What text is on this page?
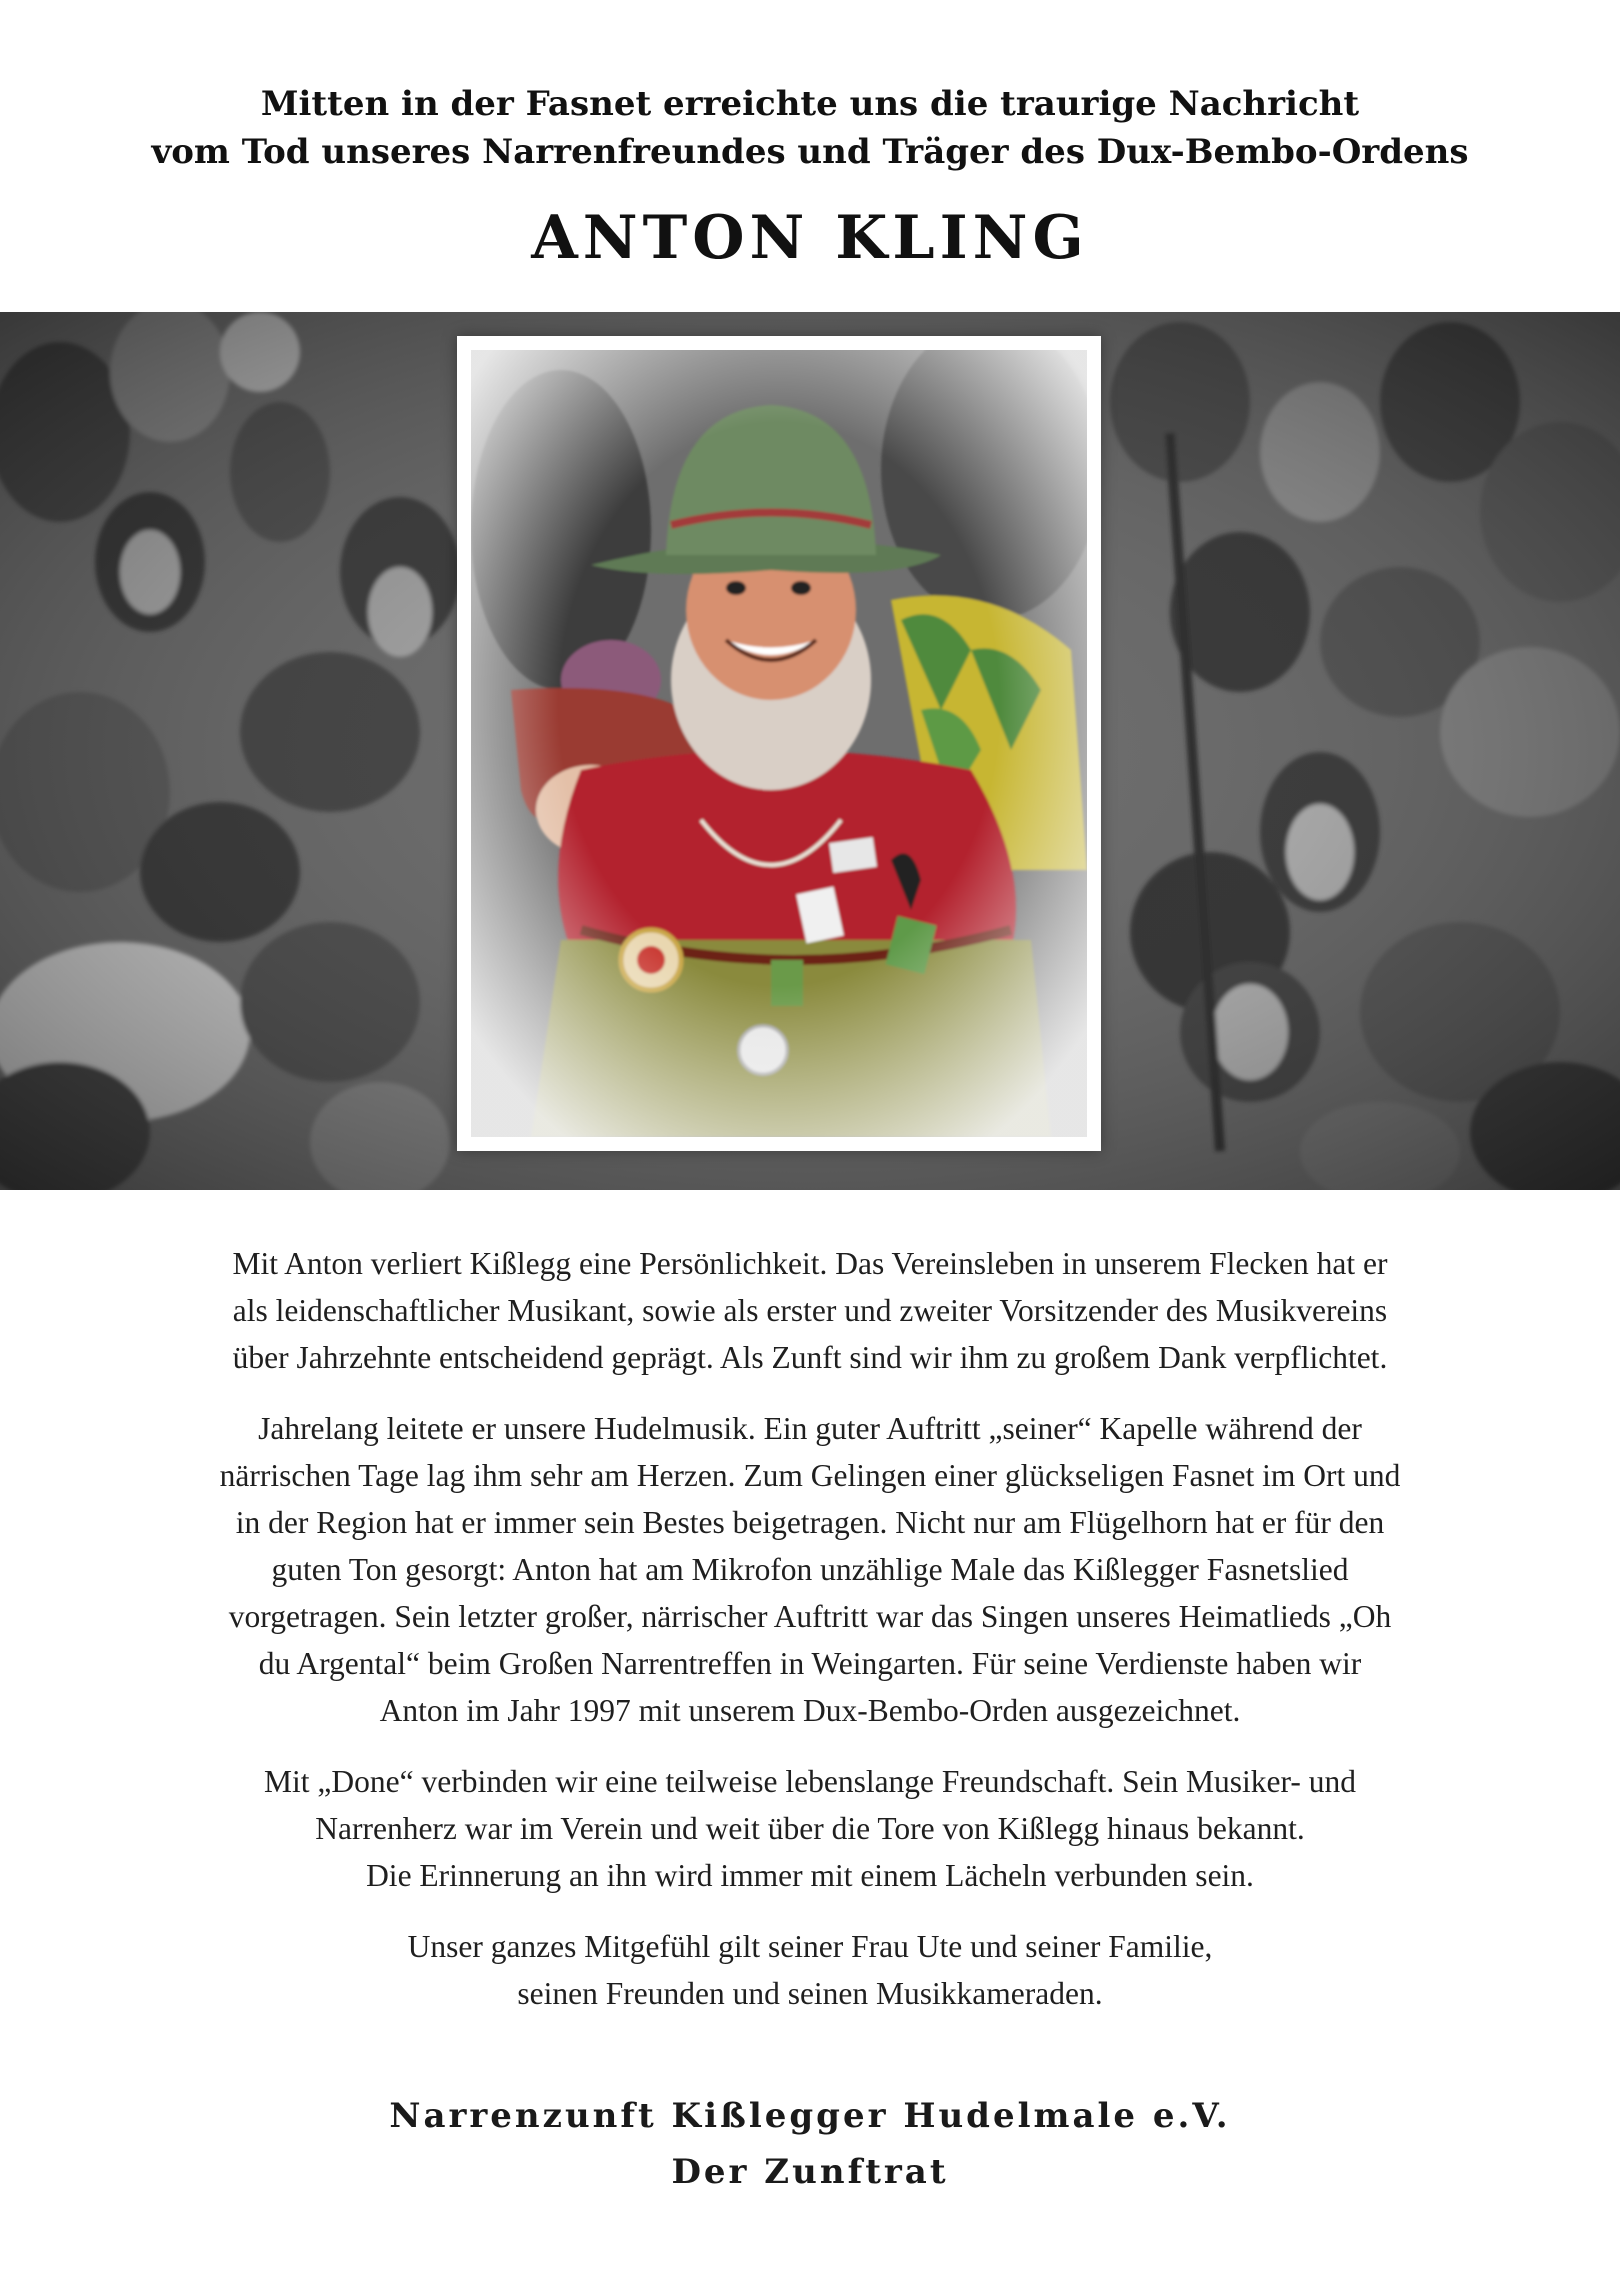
Mitten in der Fasnet erreichte uns die traurige Nachricht

vom Tod unseres Narrenfreundes und Träger des Dux-Bembo-Ordens

ANTON KLING

Mit Anton verliert Kißlegg eine Persönlichkeit. Das Vereinsleben in unserem Flecken hat er
als leidenschaftlicher Musikant, sowie als erster und zweiter Vorsitzender des Musikvereins
über Jahrzehnte entscheidend geprägt. Als Zunft sind wir ihm zu großem Dank verpflichtet.

Jahrelang leitete er unsere Hudelmusik. Ein guter Auftritt „seiner“ Kapelle während der
närrischen Tage lag ihm sehr am Herzen. Zum Gelingen einer glückseligen Fasnet im Ort und
in der Region hat er immer sein Bestes beigetragen. Nicht nur am Flügelhorn hat er für den
guten Ton gesorgt: Anton hat am Mikrofon unzählige Male das Kißlegger Fasnetslied
vorgetragen. Sein letzter großer, närrischer Auftritt war das Singen unseres Heimatlieds „Oh
du Argental“ beim Großen Narrentreffen in Weingarten. Für seine Verdienste haben wir
Anton im Jahr 1997 mit unserem Dux-Bembo-Orden ausgezeichnet.

Mit „Done“ verbinden wir eine teilweise lebenslange Freundschaft. Sein Musiker- und
Narrenherz war im Verein und weit über die Tore von Kißlegg hinaus bekannt.
Die Erinnerung an ihn wird immer mit einem Lächeln verbunden sein.

Unser ganzes Mitgefühl gilt seiner Frau Ute und seiner Familie,
seinen Freunden und seinen Musikkameraden.

Narrenzunft Kißlegger Hudelmale e.V.
Der Zunftrat
